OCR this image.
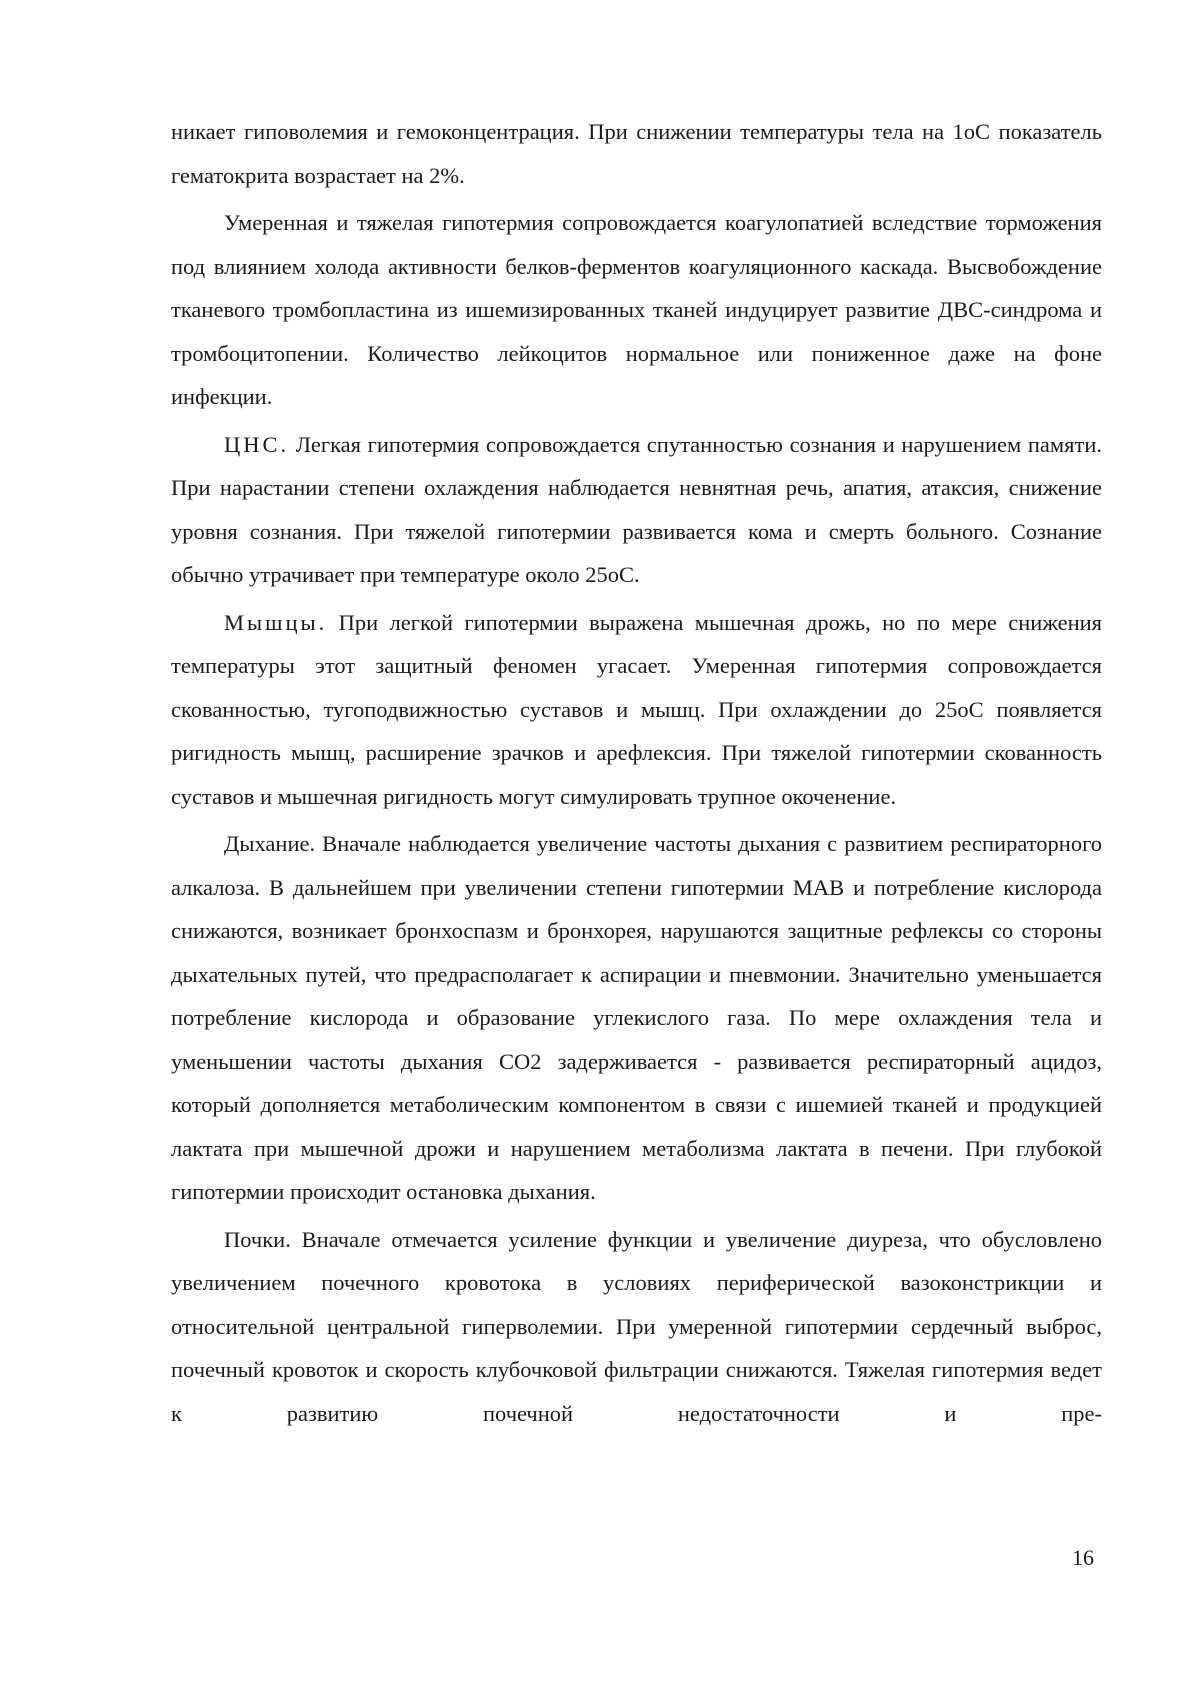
никает гиповолемия и гемоконцентрация. При снижении температуры тела на 1оС показатель гематокрита возрастает на 2%.

Умеренная и тяжелая гипотермия сопровождается коагулопатией вследствие торможения под влиянием холода активности белков-ферментов коагуляционного каскада. Высвобождение тканевого тромбопластина из ишемизированных тканей индуцирует развитие ДВС-синдрома и тромбоцитопении. Количество лейкоцитов нормальное или пониженное даже на фоне инфекции.

ЦНС. Легкая гипотермия сопровождается спутанностью сознания и нарушением памяти. При нарастании степени охлаждения наблюдается невнятная речь, апатия, атаксия, снижение уровня сознания. При тяжелой гипотермии развивается кома и смерть больного. Сознание обычно утрачивает при температуре около 25оС.

Мышцы. При легкой гипотермии выражена мышечная дрожь, но по мере снижения температуры этот защитный феномен угасает. Умеренная гипотермия сопровождается скованностью, тугоподвижностью суставов и мышц. При охлаждении до 25оС появляется ригидность мышц, расширение зрачков и арефлексия. При тяжелой гипотермии скованность суставов и мышечная ригидность могут симулировать трупное окоченение.

Дыхание. Вначале наблюдается увеличение частоты дыхания с развитием респираторного алкалоза. В дальнейшем при увеличении степени гипотермии МАВ и потребление кислорода снижаются, возникает бронхоспазм и бронхорея, нарушаются защитные рефлексы со стороны дыхательных путей, что предрасполагает к аспирации и пневмонии. Значительно уменьшается потребление кислорода и образование углекислого газа. По мере охлаждения тела и уменьшении частоты дыхания СО2 задерживается - развивается респираторный ацидоз, который дополняется метаболическим компонентом в связи с ишемией тканей и продукцией лактата при мышечной дрожи и нарушением метаболизма лактата в печени. При глубокой гипотермии происходит остановка дыхания.

Почки. Вначале отмечается усиление функции и увеличение диуреза, что обусловлено увеличением почечного кровотока в условиях периферической вазоконстрикции и относительной центральной гиперволемии. При умеренной гипотермии сердечный выброс, почечный кровоток и скорость клубочковой фильтрации снижаются. Тяжелая гипотермия ведет к развитию почечной недостаточности и пре-

16
